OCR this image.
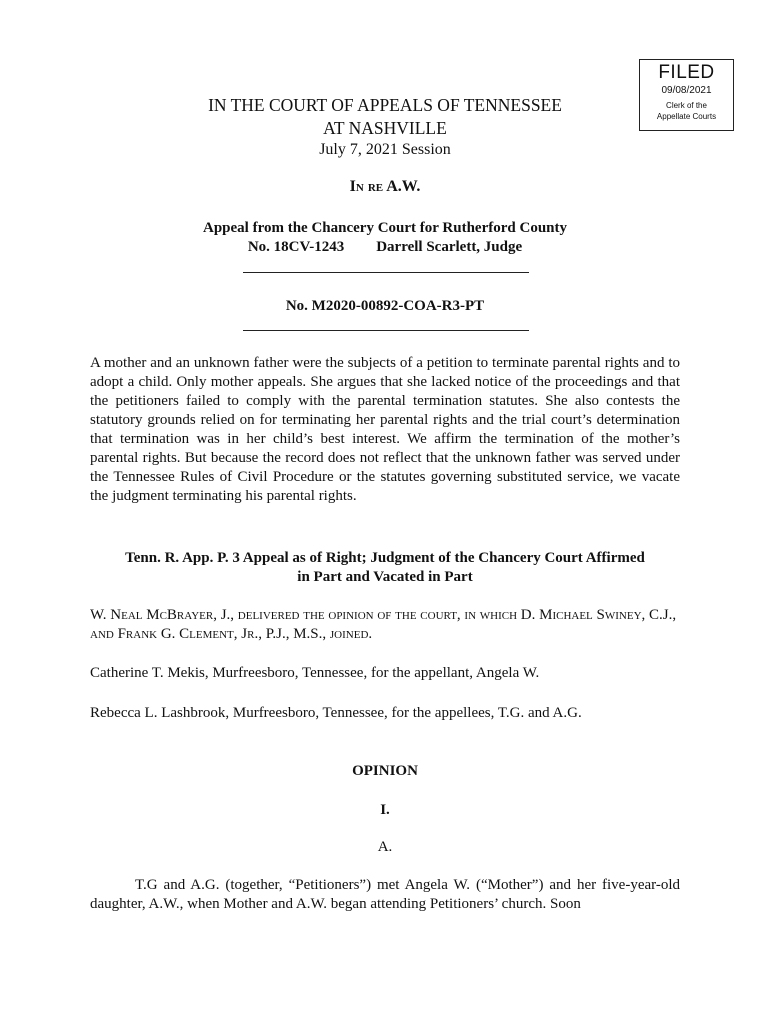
FILED
09/08/2021
Clerk of the
Appellate Courts
IN THE COURT OF APPEALS OF TENNESSEE
AT NASHVILLE
July 7, 2021 Session
In re A.W.
Appeal from the Chancery Court for Rutherford County
No. 18CV-1243 Darrell Scarlett, Judge
No. M2020-00892-COA-R3-PT
A mother and an unknown father were the subjects of a petition to terminate parental rights and to adopt a child. Only mother appeals. She argues that she lacked notice of the proceedings and that the petitioners failed to comply with the parental termination statutes. She also contests the statutory grounds relied on for terminating her parental rights and the trial court’s determination that termination was in her child’s best interest. We affirm the termination of the mother’s parental rights. But because the record does not reflect that the unknown father was served under the Tennessee Rules of Civil Procedure or the statutes governing substituted service, we vacate the judgment terminating his parental rights.
Tenn. R. App. P. 3 Appeal as of Right; Judgment of the Chancery Court Affirmed
in Part and Vacated in Part
W. Neal McBrayer, J., delivered the opinion of the court, in which D. Michael Swiney, C.J., and Frank G. Clement, Jr., P.J., M.S., joined.
Catherine T. Mekis, Murfreesboro, Tennessee, for the appellant, Angela W.
Rebecca L. Lashbrook, Murfreesboro, Tennessee, for the appellees, T.G. and A.G.
OPINION
I.
A.
T.G and A.G. (together, “Petitioners”) met Angela W. (“Mother”) and her five-year-old daughter, A.W., when Mother and A.W. began attending Petitioners’ church. Soon
